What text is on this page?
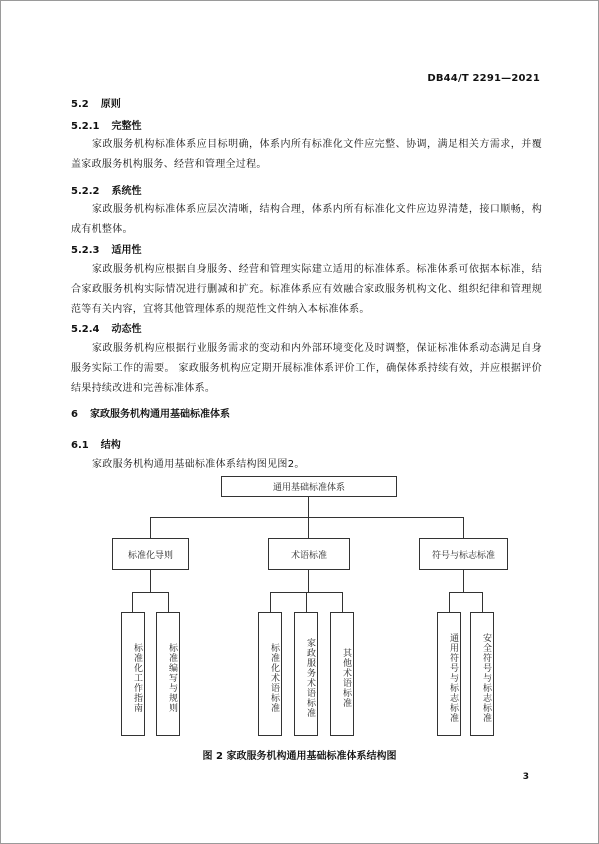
DB44/T 2291—2021
5.2 原则
5.2.1 完整性
家政服务机构标准体系应目标明确，体系内所有标准化文件应完整、协调，满足相关方需求，并覆盖家政服务机构服务、经营和管理全过程。
5.2.2 系统性
家政服务机构标准体系应层次清晰，结构合理，体系内所有标准化文件应边界清楚，接口顺畅，构成有机整体。
5.2.3 适用性
家政服务机构应根据自身服务、经营和管理实际建立适用的标准体系。标准体系可依据本标准，结合家政服务机构实际情况进行删减和扩充。标准体系应有效融合家政服务机构文化、组织纪律和管理规范等有关内容，宜将其他管理体系的规范性文件纳入本标准体系。
5.2.4 动态性
家政服务机构应根据行业服务需求的变动和内外部环境变化及时调整，保证标准体系动态满足自身服务实际工作的需要。 家政服务机构应定期开展标准体系评价工作，确保体系持续有效，并应根据评价结果持续改进和完善标准体系。
6 家政服务机构通用基础标准体系
6.1 结构
家政服务机构通用基础标准体系结构图见图2。
通用基础标准体系
标准化导则	术语标准	符号与标志标准
标准化工作指南	标准编写与规则	标准化术语标准	家政服务术语标准	其他术语标准	通用符号与标志标准	安全符号与标志标准
图 2 家政服务机构通用基础标准体系结构图
3
